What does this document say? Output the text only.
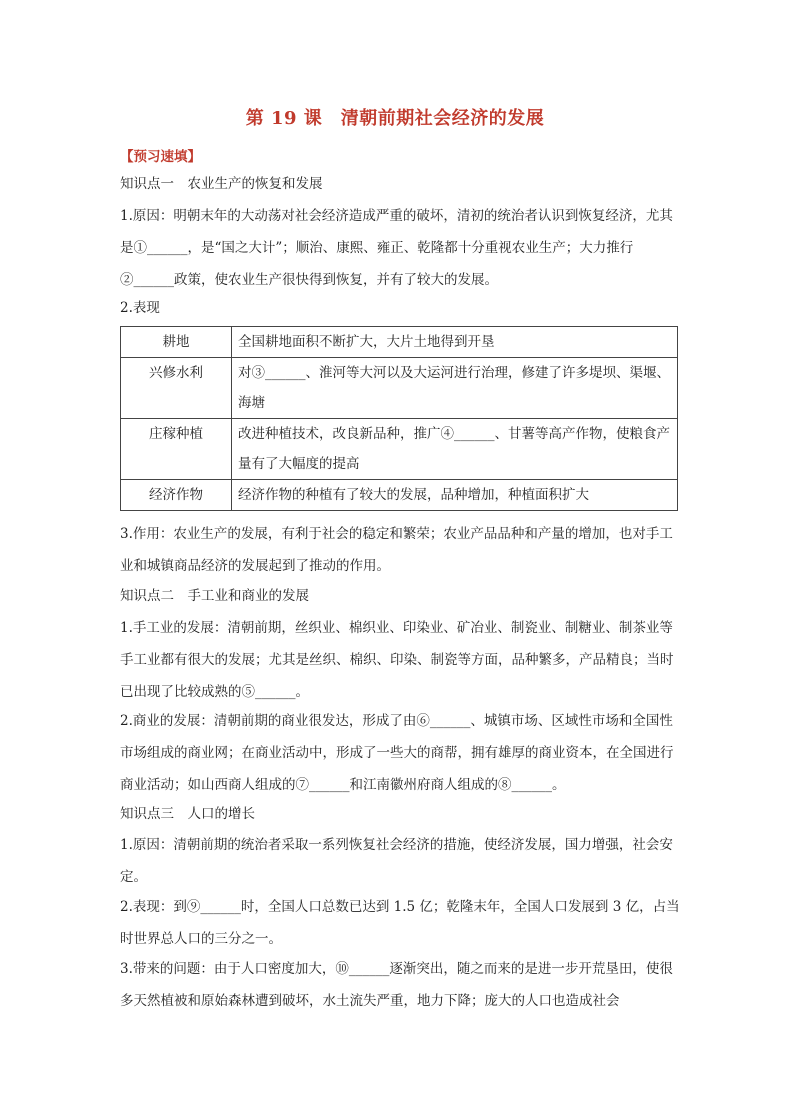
第 19 课　清朝前期社会经济的发展
【预习速填】
知识点一　农业生产的恢复和发展
1.原因：明朝末年的大动荡对社会经济造成严重的破坏，清初的统治者认识到恢复经济，尤其是①______，是“国之大计”；顺治、康熙、雍正、乾隆都十分重视农业生产；大力推行②______政策，使农业生产很快得到恢复，并有了较大的发展。
2.表现
耕地	全国耕地面积不断扩大，大片土地得到开垦
兴修水利	对③______、淮河等大河以及大运河进行治理，修建了许多堤坝、渠堰、海塘
庄稼种植	改进种植技术，改良新品种，推广④______、甘薯等高产作物，使粮食产量有了大幅度的提高
经济作物	经济作物的种植有了较大的发展，品种增加，种植面积扩大
3.作用：农业生产的发展，有利于社会的稳定和繁荣；农业产品品种和产量的增加，也对手工业和城镇商品经济的发展起到了推动的作用。
知识点二　手工业和商业的发展
1.手工业的发展：清朝前期，丝织业、棉织业、印染业、矿冶业、制瓷业、制糖业、制茶业等手工业都有很大的发展；尤其是丝织、棉织、印染、制瓷等方面，品种繁多，产品精良；当时已出现了比较成熟的⑤______。
2.商业的发展：清朝前期的商业很发达，形成了由⑥______、城镇市场、区域性市场和全国性市场组成的商业网；在商业活动中，形成了一些大的商帮，拥有雄厚的商业资本，在全国进行商业活动；如山西商人组成的⑦______和江南徽州府商人组成的⑧______。
知识点三　人口的增长
1.原因：清朝前期的统治者采取一系列恢复社会经济的措施，使经济发展，国力增强，社会安定。
2.表现：到⑨______时，全国人口总数已达到 1.5 亿；乾隆末年，全国人口发展到 3 亿，占当时世界总人口的三分之一。
3.带来的问题：由于人口密度加大，⑩______逐渐突出，随之而来的是进一步开荒垦田，使很多天然植被和原始森林遭到破坏，水土流失严重，地力下降；庞大的人口也造成社会
